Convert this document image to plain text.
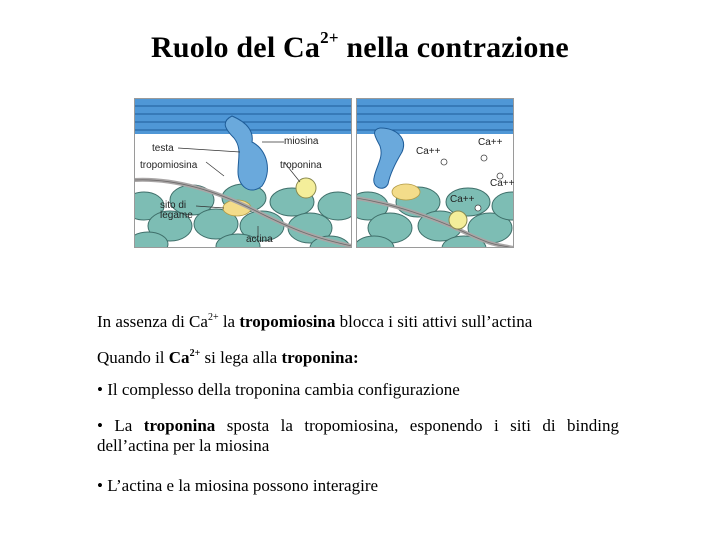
Ruolo del $Ca^{2+}$ nella contrazione
testa
miosina
tropomiosina	troponina
sito di
legame
actina
Ca++
Ca++
Ca++
Ca++
In assenza di $Ca^{2+}$ la tropomiosina blocca i siti attivi sull’actina
Quando il $Ca^{2+}$ si lega alla troponina:
• Il complesso della troponina cambia configurazione
• La troponina sposta la tropomiosina, esponendo i siti di binding dell’actina per la miosina
• L’actina e la miosina possono interagire
